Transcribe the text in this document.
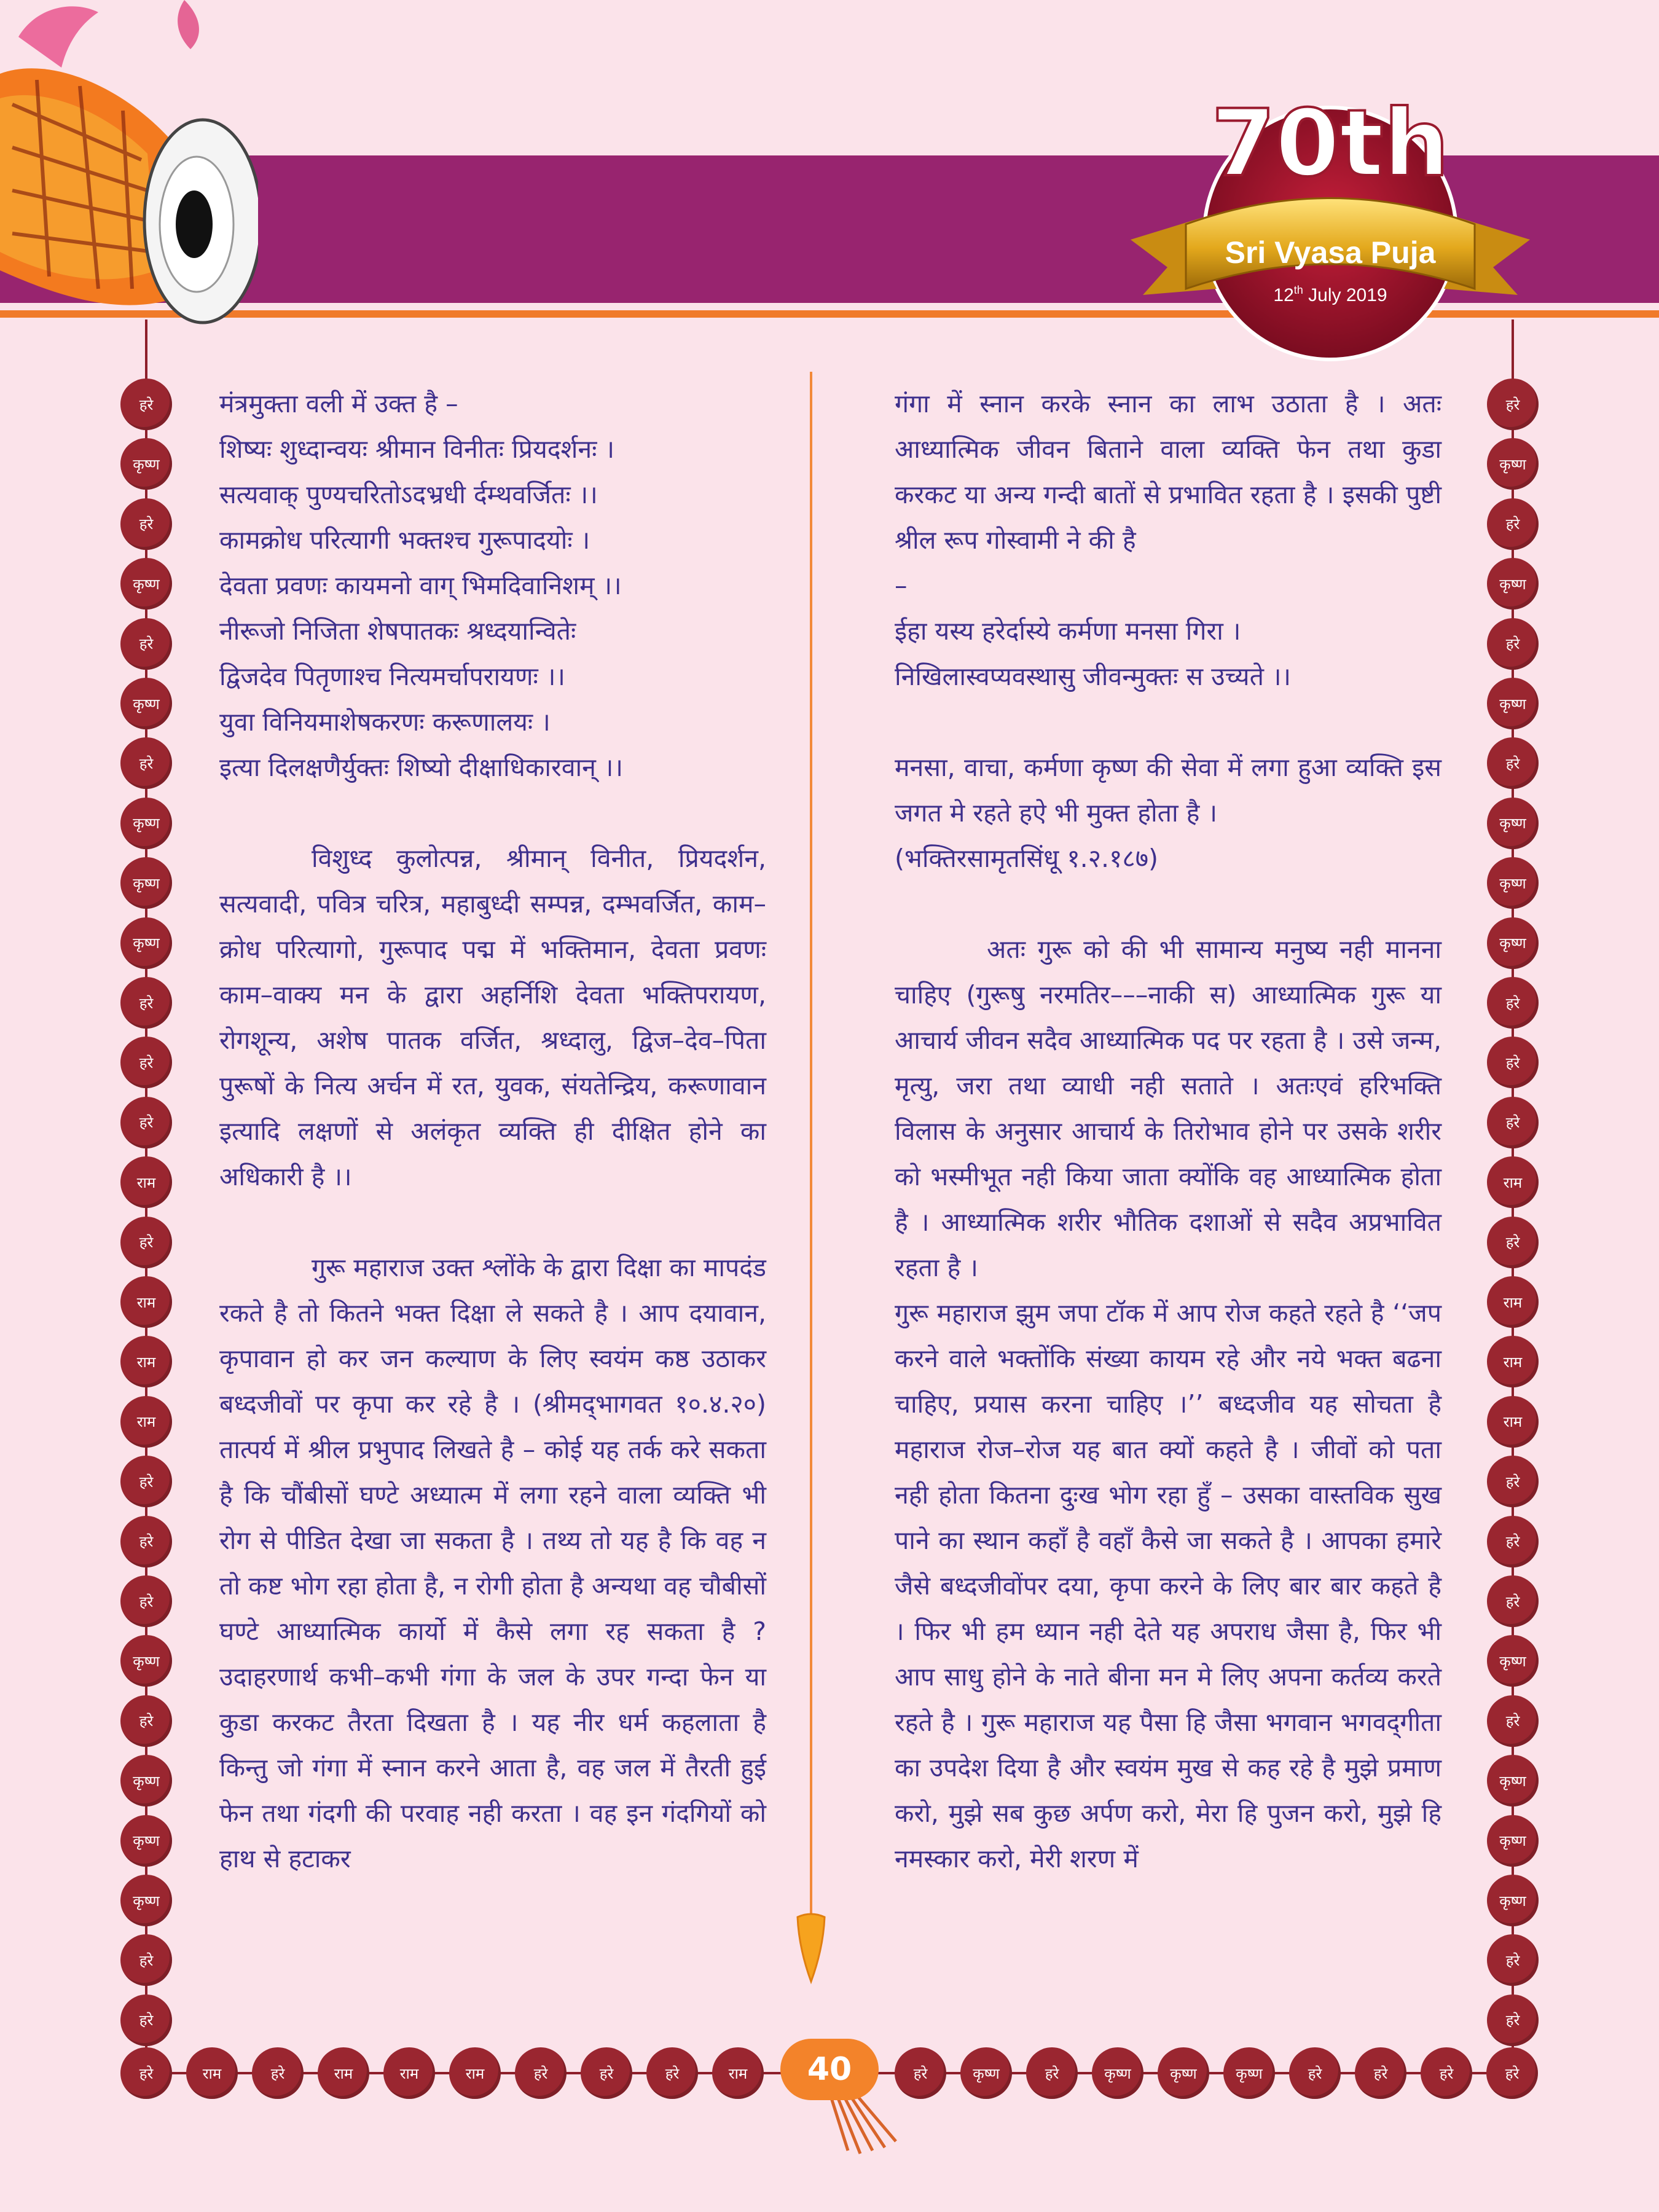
70th
Sri Vyasa Puja
12th July 2019
हरे
कृष्ण
हरे
कृष्ण
हरे
कृष्ण
हरे
कृष्ण
कृष्ण
कृष्ण
हरे
हरे
हरे
राम
हरे
राम
राम
राम
हरे
हरे
हरे
कृष्ण
हरे
कृष्ण
कृष्ण
कृष्ण
हरे
हरे
हरे
कृष्ण
हरे
कृष्ण
हरे
कृष्ण
हरे
कृष्ण
कृष्ण
कृष्ण
हरे
हरे
हरे
राम
हरे
राम
राम
राम
हरे
हरे
हरे
कृष्ण
हरे
कृष्ण
कृष्ण
कृष्ण
हरे
हरे
हरे	राम	हरे	राम	राम	राम	हरे	हरे	हरे	राम	हरे	कृष्ण	हरे	कृष्ण	कृष्ण	कृष्ण	हरे	हरे	हरे	हरे
40

मंत्रमुक्ता वली में उक्त है –

शिष्यः शुध्दान्वयः श्रीमान विनीतः प्रियदर्शनः ।

सत्यवाक् पुण्यचरितोऽदभ्रधी र्दम्थवर्जितः ।।

कामक्रोध परित्यागी भक्तश्च गुरूपादयोः ।

देवता प्रवणः कायमनो वाग् भिमदिवानिशम् ।।

नीरूजो निजिता शेषपातकः श्रध्दयान्वितेः

द्विजदेव पितृणाश्च नित्यमर्चापरायणः ।।

युवा विनियमाशेषकरणः करूणालयः ।

इत्या दिलक्षणैर्युक्तः शिष्यो दीक्षाधिकारवान् ।।

विशुध्द कुलोत्पन्न, श्रीमान् विनीत, प्रियदर्शन, सत्यवादी, पवित्र चरित्र, महाबुध्दी सम्पन्न, दम्भवर्जित, काम–क्रोध परित्यागो, गुरूपाद पद्म में भक्तिमान, देवता प्रवणः काम–वाक्य मन के द्वारा अहर्निशि देवता भक्तिपरायण, रोगशून्य, अशेष पातक वर्जित, श्रध्दालु, द्विज–देव–पिता पुरूषों के नित्य अर्चन में रत, युवक, संयतेन्द्रिय, करूणावान इत्यादि लक्षणों से अलंकृत व्यक्ति ही दीक्षित होने का अधिकारी है ।।

गुरू महाराज उक्त श्लोंके के द्वारा दिक्षा का मापदंड रकते है तो कितने भक्त दिक्षा ले सकते है । आप दयावान, कृपावान हो कर जन कल्याण के लिए स्वयंम कष्ठ उठाकर बध्दजीवों पर कृपा कर रहे है । (श्रीमद्‌भागवत १०.४.२०) तात्पर्य में श्रील प्रभुपाद लिखते है – कोई यह तर्क करे सकता है कि चौंबीसों घण्टे अध्यात्म में लगा रहने वाला व्यक्ति भी रोग से पीडित देखा जा सकता है । तथ्य तो यह है कि वह न तो कष्ट भोग रहा होता है, न रोगी होता है अन्यथा वह चौबीसों घण्टे आध्यात्मिक कार्यो में कैसे लगा रह सकता है ? उदाहरणार्थ कभी–कभी गंगा के जल के उपर गन्दा फेन या कुडा करकट तैरता दिखता है । यह नीर धर्म कहलाता है किन्तु जो गंगा में स्नान करने आता है, वह जल में तैरती हुई फेन तथा गंदगी की परवाह नही करता । वह इन गंदगियों को हाथ से हटाकर

गंगा में स्नान करके स्नान का लाभ उठाता है । अतः आध्यात्मिक जीवन बिताने वाला व्यक्ति फेन तथा कुडा करकट या अन्य गन्दी बातों से प्रभावित रहता है । इसकी पुष्टी श्रील रूप गोस्वामी ने की है

–

ईहा यस्य हरेर्दास्ये कर्मणा मनसा गिरा ।

निखिलास्वप्यवस्थासु जीवन्मुक्तः स उच्यते ।।

मनसा, वाचा, कर्मणा कृष्ण की सेवा में लगा हुआ व्यक्ति इस जगत मे रहते हऐ भी मुक्त होता है ।

(भक्तिरसामृतसिंधू १.२.१८७)

अतः गुरू को की भी सामान्य मनुष्य नही मानना चाहिए (गुरूषु नरमतिर–––नाकी स) आध्यात्मिक गुरू या आचार्य जीवन सदैव आध्यात्मिक पद पर रहता है । उसे जन्म, मृत्यु, जरा तथा व्याधी नही सताते । अतःएवं हरिभक्ति विलास के अनुसार आचार्य के तिरोभाव होने पर उसके शरीर को भस्मीभूत नही किया जाता क्योंकि वह आध्यात्मिक होता है । आध्यात्मिक शरीर भौतिक दशाओं से सदैव अप्रभावित रहता है ।

गुरू महाराज झुम जपा टॉक में आप रोज कहते रहते है ‘‘जप करने वाले भक्तोंकि संख्या कायम रहे और नये भक्त बढना चाहिए, प्रयास करना चाहिए ।’’ बध्दजीव यह सोचता है महाराज रोज–रोज यह बात क्यों कहते है । जीवों को पता नही होता कितना दुःख भोग रहा हुँ – उसका वास्तविक सुख पाने का स्थान कहाँ है वहाँ कैसे जा सकते है । आपका हमारे जैसे बध्दजीवोंपर दया, कृपा करने के लिए बार बार कहते है । फिर भी हम ध्यान नही देते यह अपराध जैसा है, फिर भी आप साधु होने के नाते बीना मन मे लिए अपना कर्तव्य करते रहते है । गुरू महाराज यह पैसा हि जैसा भगवान भगवद्‌गीता का उपदेश दिया है और स्वयंम मुख से कह रहे है मुझे प्रमाण करो, मुझे सब कुछ अर्पण करो, मेरा हि पुजन करो, मुझे हि नमस्कार करो, मेरी शरण में
